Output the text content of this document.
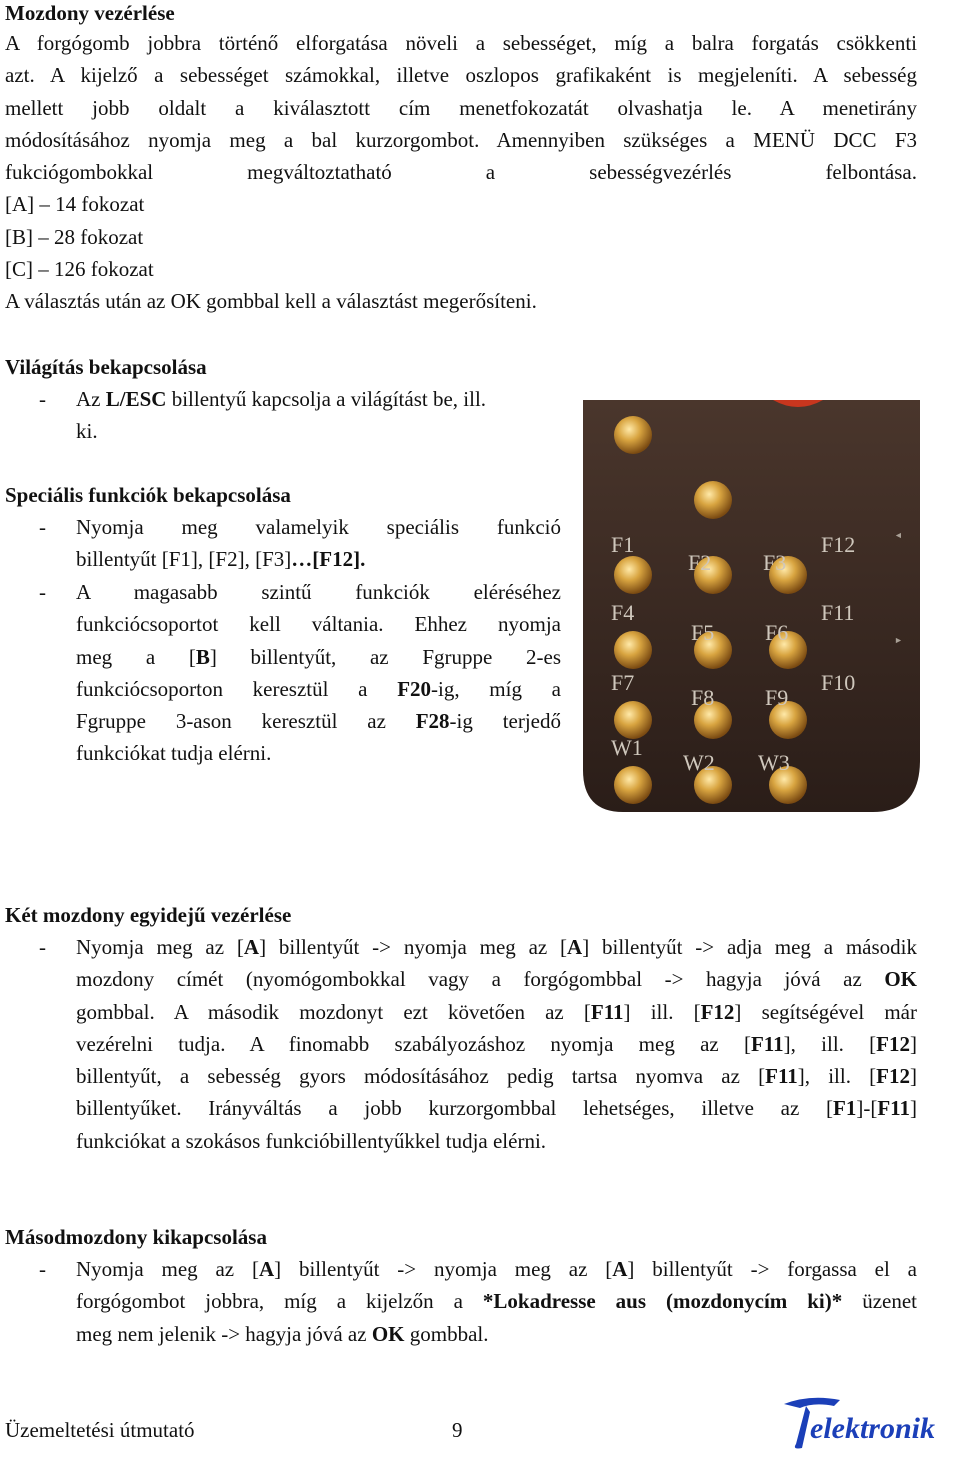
Mozdony vezérlése
A forgógomb jobbra történő elforgatása növeli a sebességet, míg a balra forgatás csökkenti
azt. A kijelző a sebességet számokkal, illetve oszlopos grafikaként is megjeleníti. A sebesség
mellett jobb oldalt a kiválasztott cím menetfokozatát olvashatja le. A menetirány
módosításához nyomja meg a bal kurzorgombot. Amennyiben szükséges a MENÜ DCC F3
fukciógombokkal megváltoztatható a sebességvezérlés felbontása.
[A] – 14 fokozat
[B] – 28 fokozat
[C] – 126 fokozat
A választás után az OK gombbal kell a választást megerősíteni.
Világítás bekapcsolása
- Az L/ESC billentyű kapcsolja a világítást be, ill.
ki.
Speciális funkciók bekapcsolása
- Nyomja meg valamelyik speciális funkció
billentyűt [F1], [F2], [F3]…[F12].
- A magasabb szintű funkciók eléréséhez
funkciócsoportot kell váltania. Ehhez nyomja
meg a [B] billentyűt, az Fgruppe 2-es
funkciócsoporton keresztül a F20-ig, míg a
Fgruppe 3-ason keresztül az F28-ig terjedő
funkciókat tudja elérni.
F1
F2 F3
F12
F4
F5 F6
F11
F7
F8 F9
F10
W1
W2 W3
▲
▼
Két mozdony egyidejű vezérlése
- Nyomja meg az [A] billentyűt -> nyomja meg az [A] billentyűt -> adja meg a második
mozdony címét (nyomógombokkal vagy a forgógombbal -> hagyja jóvá az OK
gombbal. A második mozdonyt ezt követően az [F11] ill. [F12] segítségével már
vezérelni tudja. A finomabb szabályozáshoz nyomja meg az [F11], ill. [F12]
billentyűt, a sebesség gyors módosításához pedig tartsa nyomva az [F11], ill. [F12]
billentyűket. Irányváltás a jobb kurzorgombbal lehetséges, illetve az [F1]-[F11]
funkciókat a szokásos funkcióbillentyűkkel tudja elérni.
Másodmozdony kikapcsolása
- Nyomja meg az [A] billentyűt -> nyomja meg az [A] billentyűt -> forgassa el a
forgógombot jobbra, míg a kijelzőn a *Lokadresse aus (mozdonycím ki)* üzenet
meg nem jelenik -> hagyja jóvá az OK gombbal.
Üzemeltetési útmutató	9	elektronik
